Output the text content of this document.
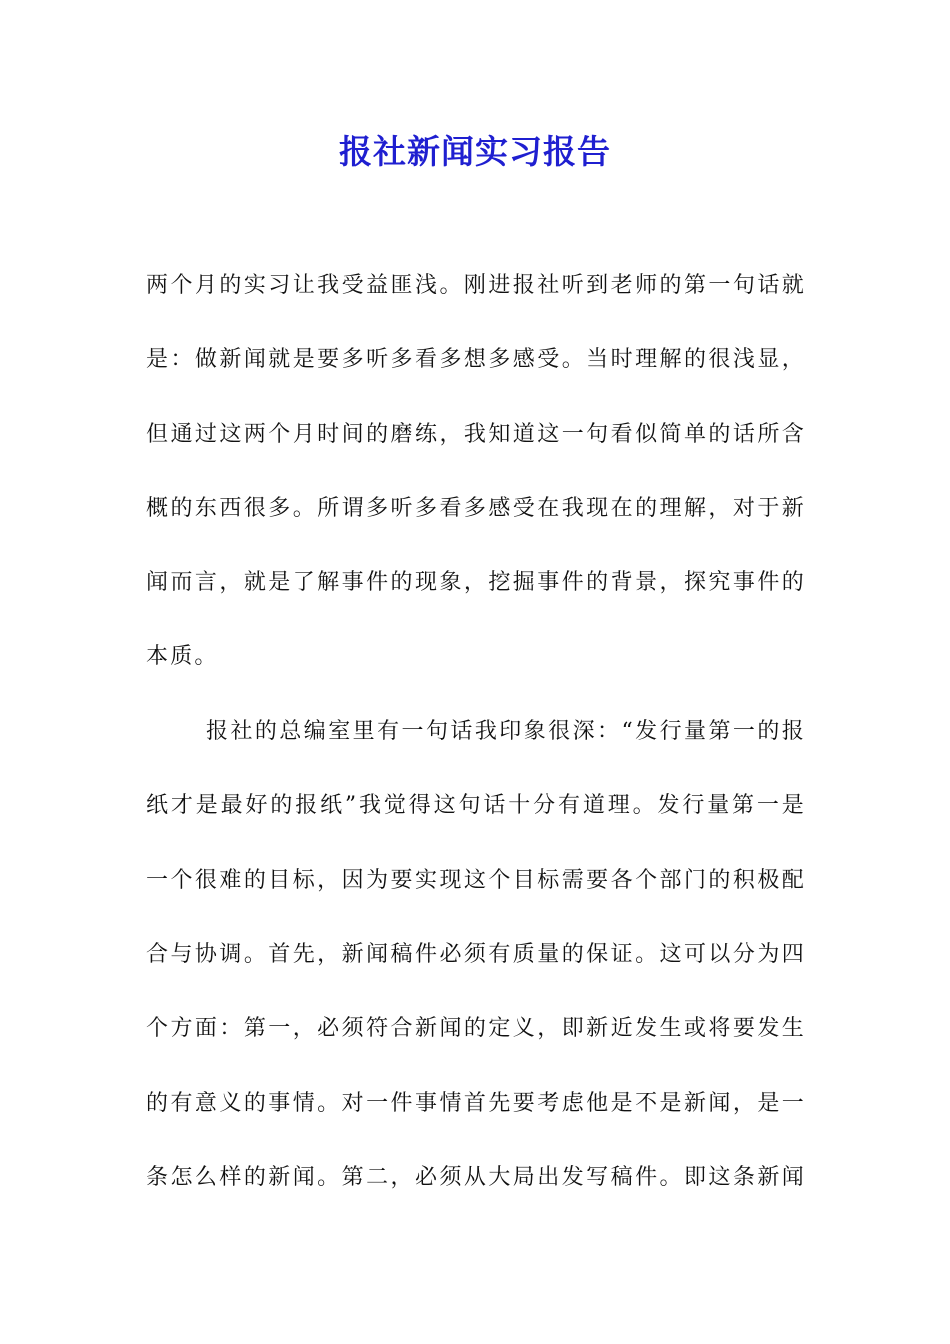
报社新闻实习报告
两个月的实习让我受益匪浅。刚进报社听到老师的第一句话就
是：做新闻就是要多听多看多想多感受。当时理解的很浅显，
但通过这两个月时间的磨练，我知道这一句看似简单的话所含
概的东西很多。所谓多听多看多感受在我现在的理解，对于新
闻而言，就是了解事件的现象，挖掘事件的背景，探究事件的
本质。
报社的总编室里有一句话我印象很深：“发行量第一的报
纸才是最好的报纸”我觉得这句话十分有道理。发行量第一是
一个很难的目标，因为要实现这个目标需要各个部门的积极配
合与协调。首先，新闻稿件必须有质量的保证。这可以分为四
个方面：第一，必须符合新闻的定义，即新近发生或将要发生
的有意义的事情。对一件事情首先要考虑他是不是新闻，是一
条怎么样的新闻。第二，必须从大局出发写稿件。即这条新闻
